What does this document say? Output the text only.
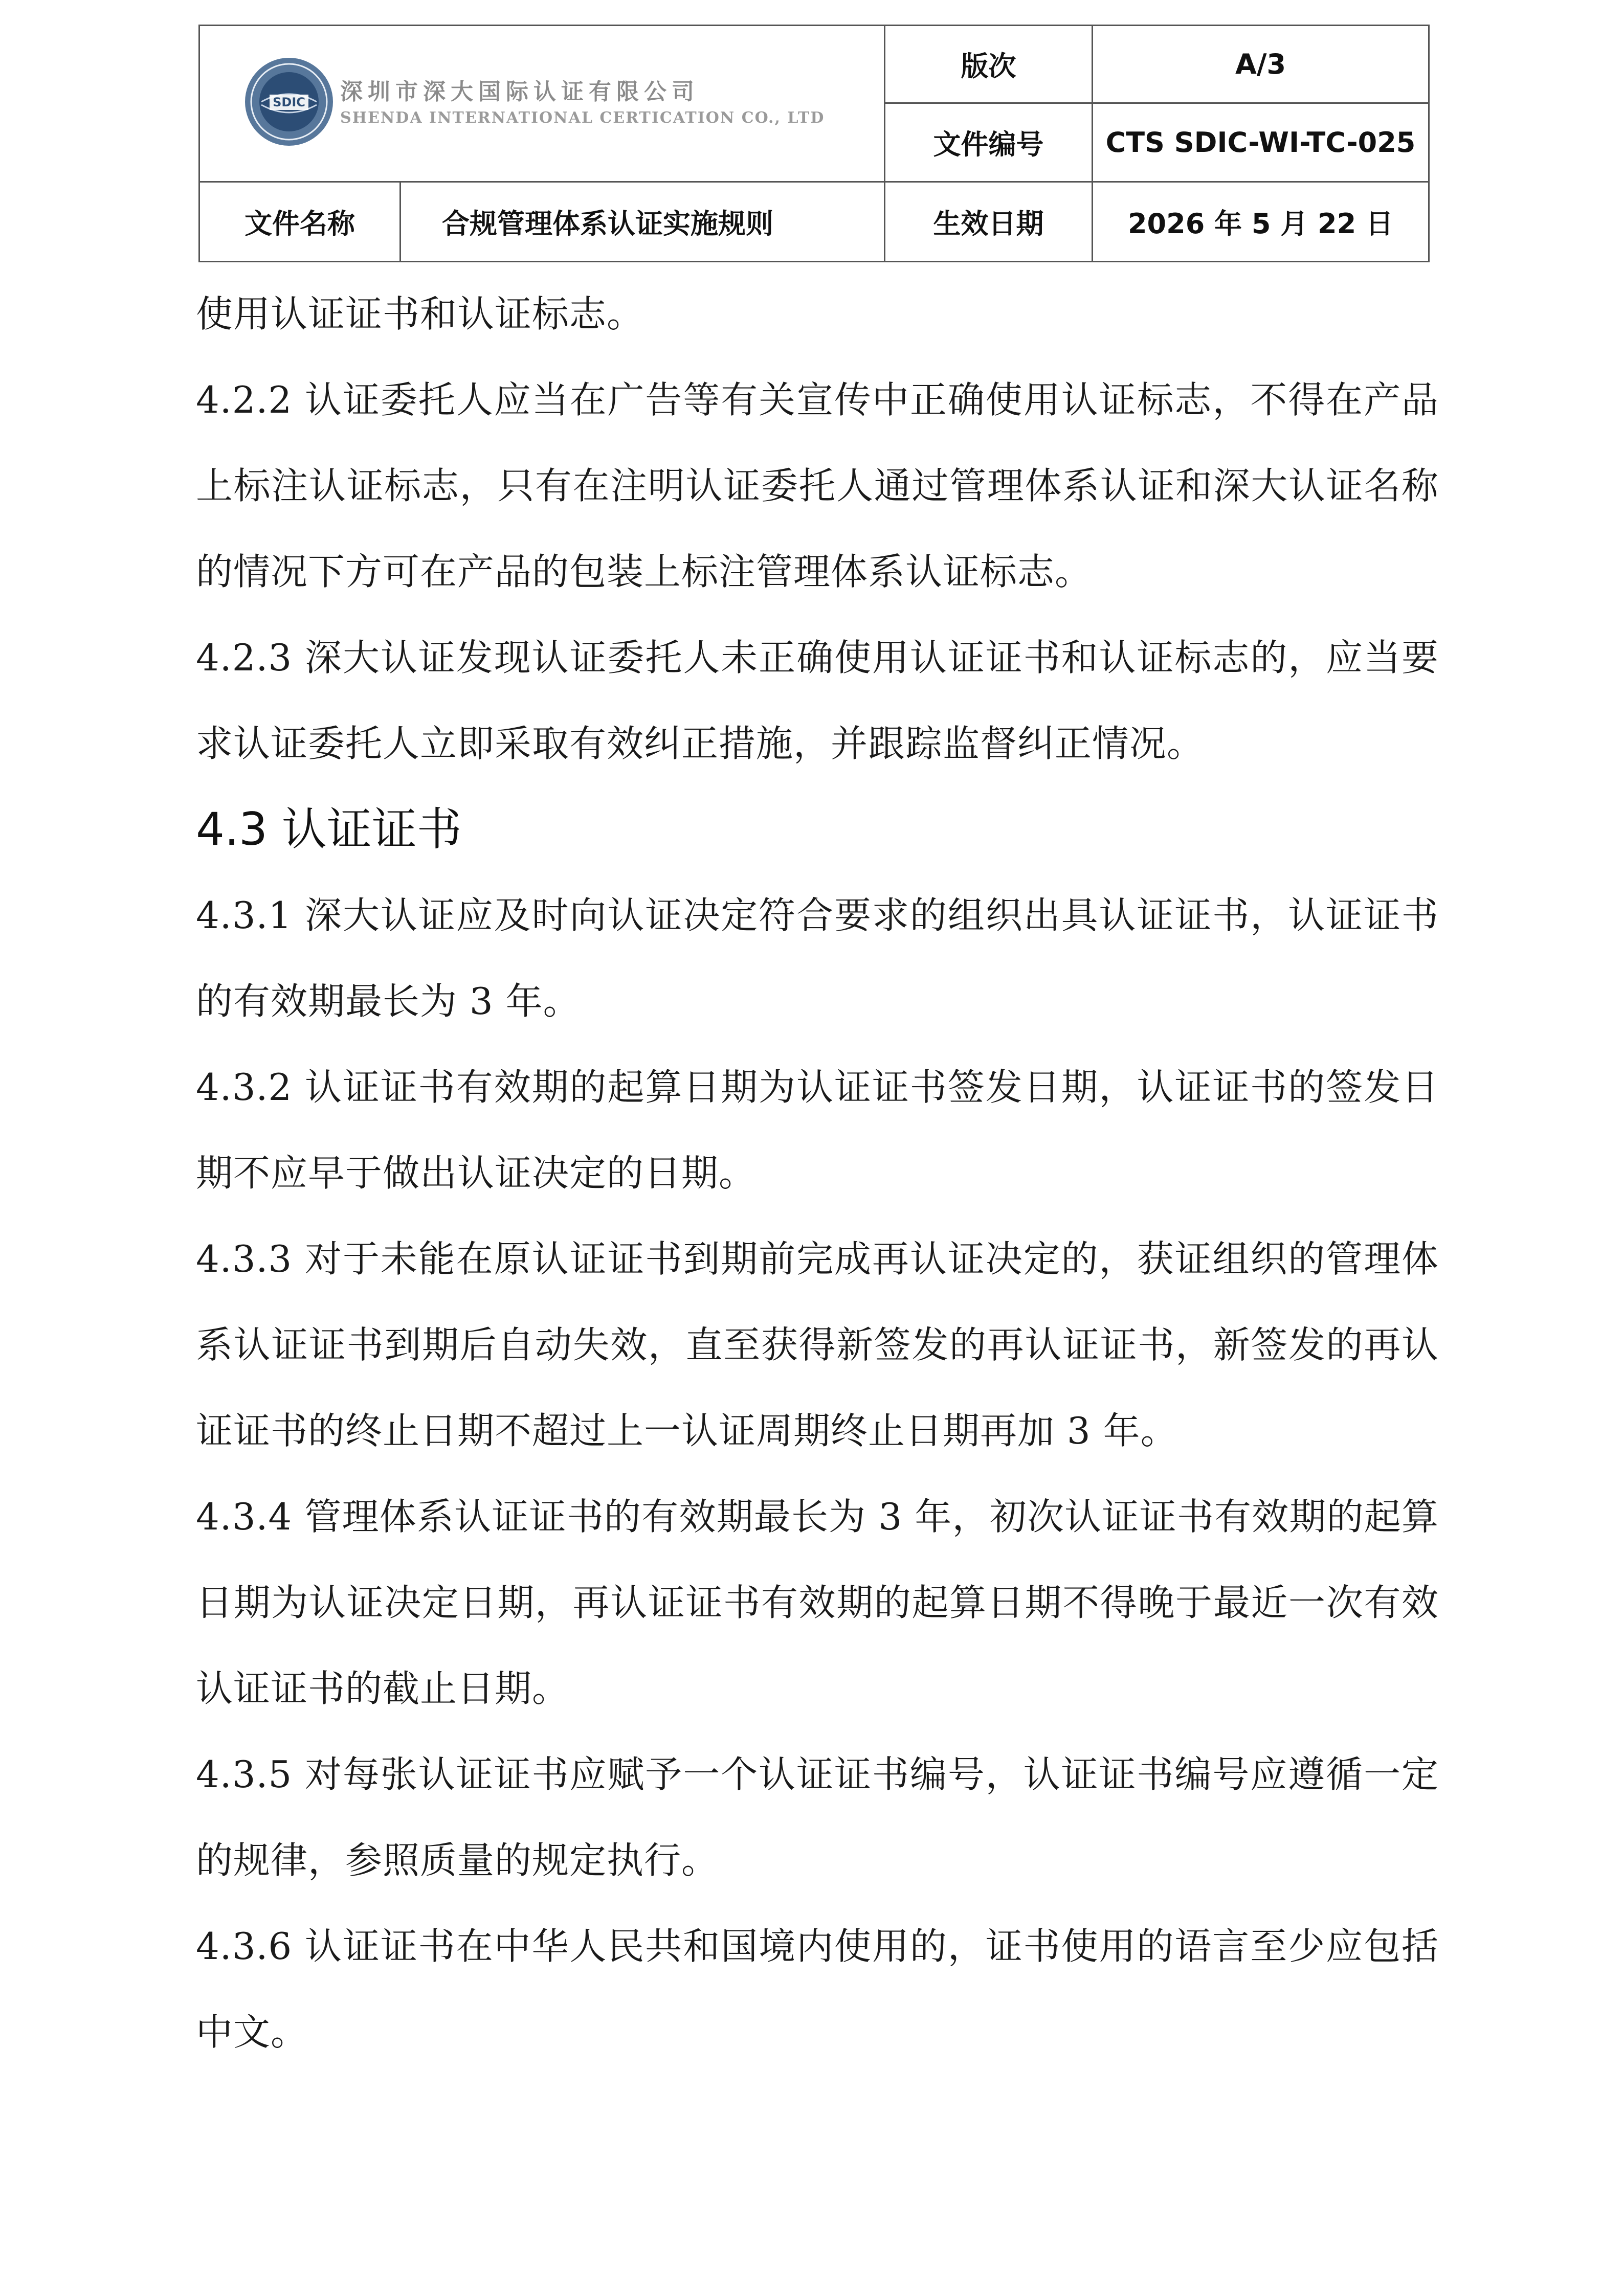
SDIC 深圳市深大国际认证有限公司
SHENDA INTERNATIONAL CERTICATION CO., LTD		版次	A/3
		文件编号	CTS SDIC-WI-TC-025
文件名称	合规管理体系认证实施规则	生效日期	2026 年 5 月 22 日

使用认证证书和认证标志。

4.2.2 认证委托人应当在广告等有关宣传中正确使用认证标志，不得在产品上标注认证标志，只有在注明认证委托人通过管理体系认证和深大认证名称的情况下方可在产品的包装上标注管理体系认证标志。

4.2.3 深大认证发现认证委托人未正确使用认证证书和认证标志的，应当要求认证委托人立即采取有效纠正措施，并跟踪监督纠正情况。

4.3 认证证书

4.3.1 深大认证应及时向认证决定符合要求的组织出具认证证书，认证证书的有效期最长为 3 年。

4.3.2 认证证书有效期的起算日期为认证证书签发日期，认证证书的签发日期不应早于做出认证决定的日期。

4.3.3 对于未能在原认证证书到期前完成再认证决定的，获证组织的管理体系认证证书到期后自动失效，直至获得新签发的再认证证书，新签发的再认证证书的终止日期不超过上一认证周期终止日期再加 3 年。

4.3.4 管理体系认证证书的有效期最长为 3 年，初次认证证书有效期的起算日期为认证决定日期，再认证证书有效期的起算日期不得晚于最近一次有效认证证书的截止日期。

4.3.5 对每张认证证书应赋予一个认证证书编号，认证证书编号应遵循一定的规律，参照质量的规定执行。

4.3.6 认证证书在中华人民共和国境内使用的，证书使用的语言至少应包括中文。
